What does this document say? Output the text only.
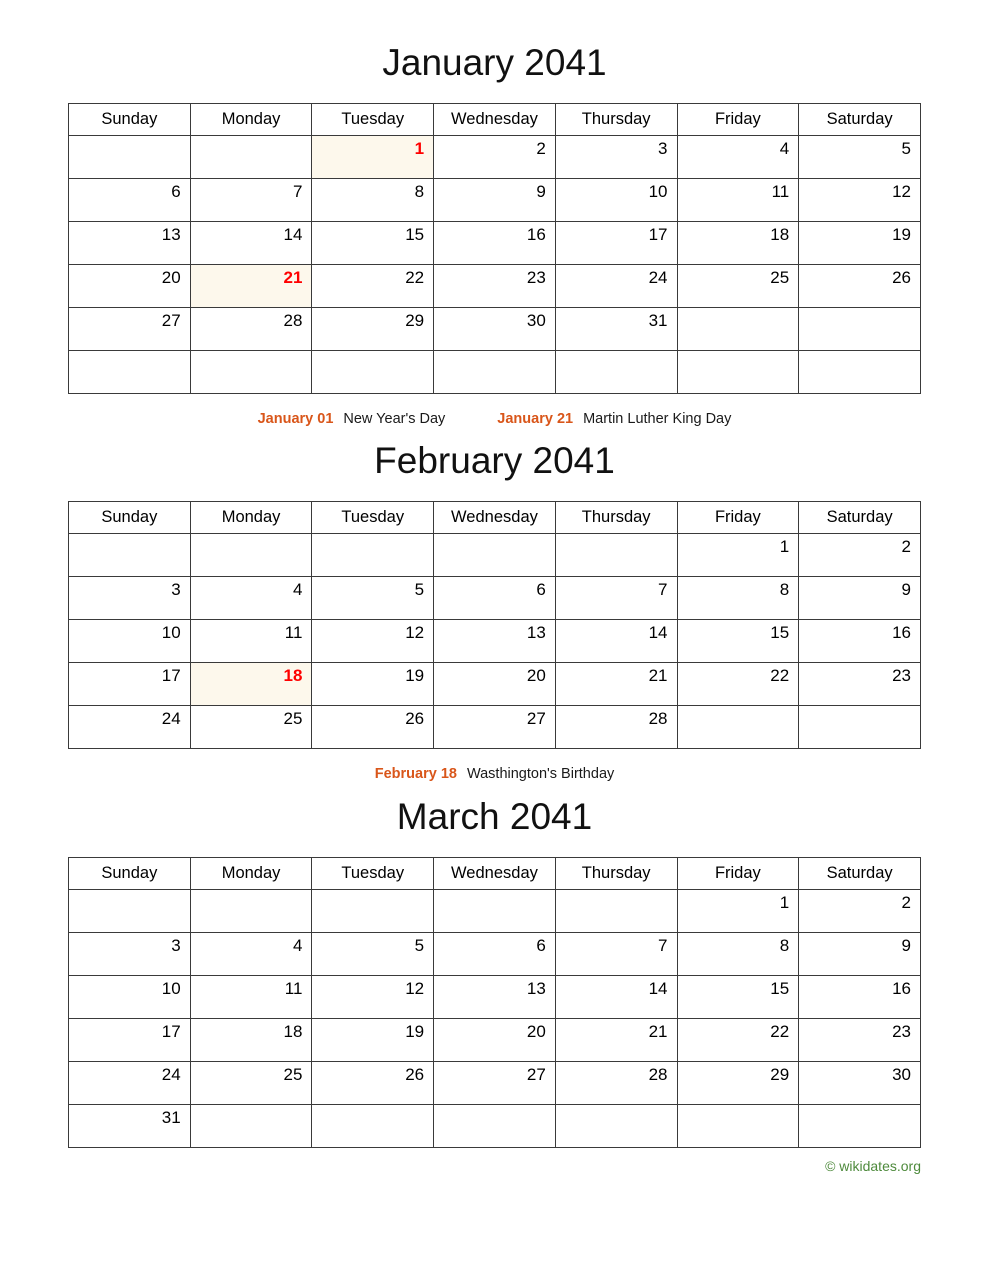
January 2041
Sunday	Monday	Tuesday	Wednesday	Thursday	Friday	Saturday

		1	2	3	4	5

6	7	8	9	10	11	12

13	14	15	16	17	18	19

20	21	22	23	24	25	26

27	28	29	30	31		

January 01 New Year's Day	January 21 Martin Luther King Day
February 2041
Sunday	Monday	Tuesday	Wednesday	Thursday	Friday	Saturday

					1	2

3	4	5	6	7	8	9

10	11	12	13	14	15	16

17	18	19	20	21	22	23

24	25	26	27	28		

February 18 Wasthington's Birthday
March 2041
Sunday	Monday	Tuesday	Wednesday	Thursday	Friday	Saturday

					1	2

3	4	5	6	7	8	9

10	11	12	13	14	15	16

17	18	19	20	21	22	23

24	25	26	27	28	29	30

31						

© wikidates.org
